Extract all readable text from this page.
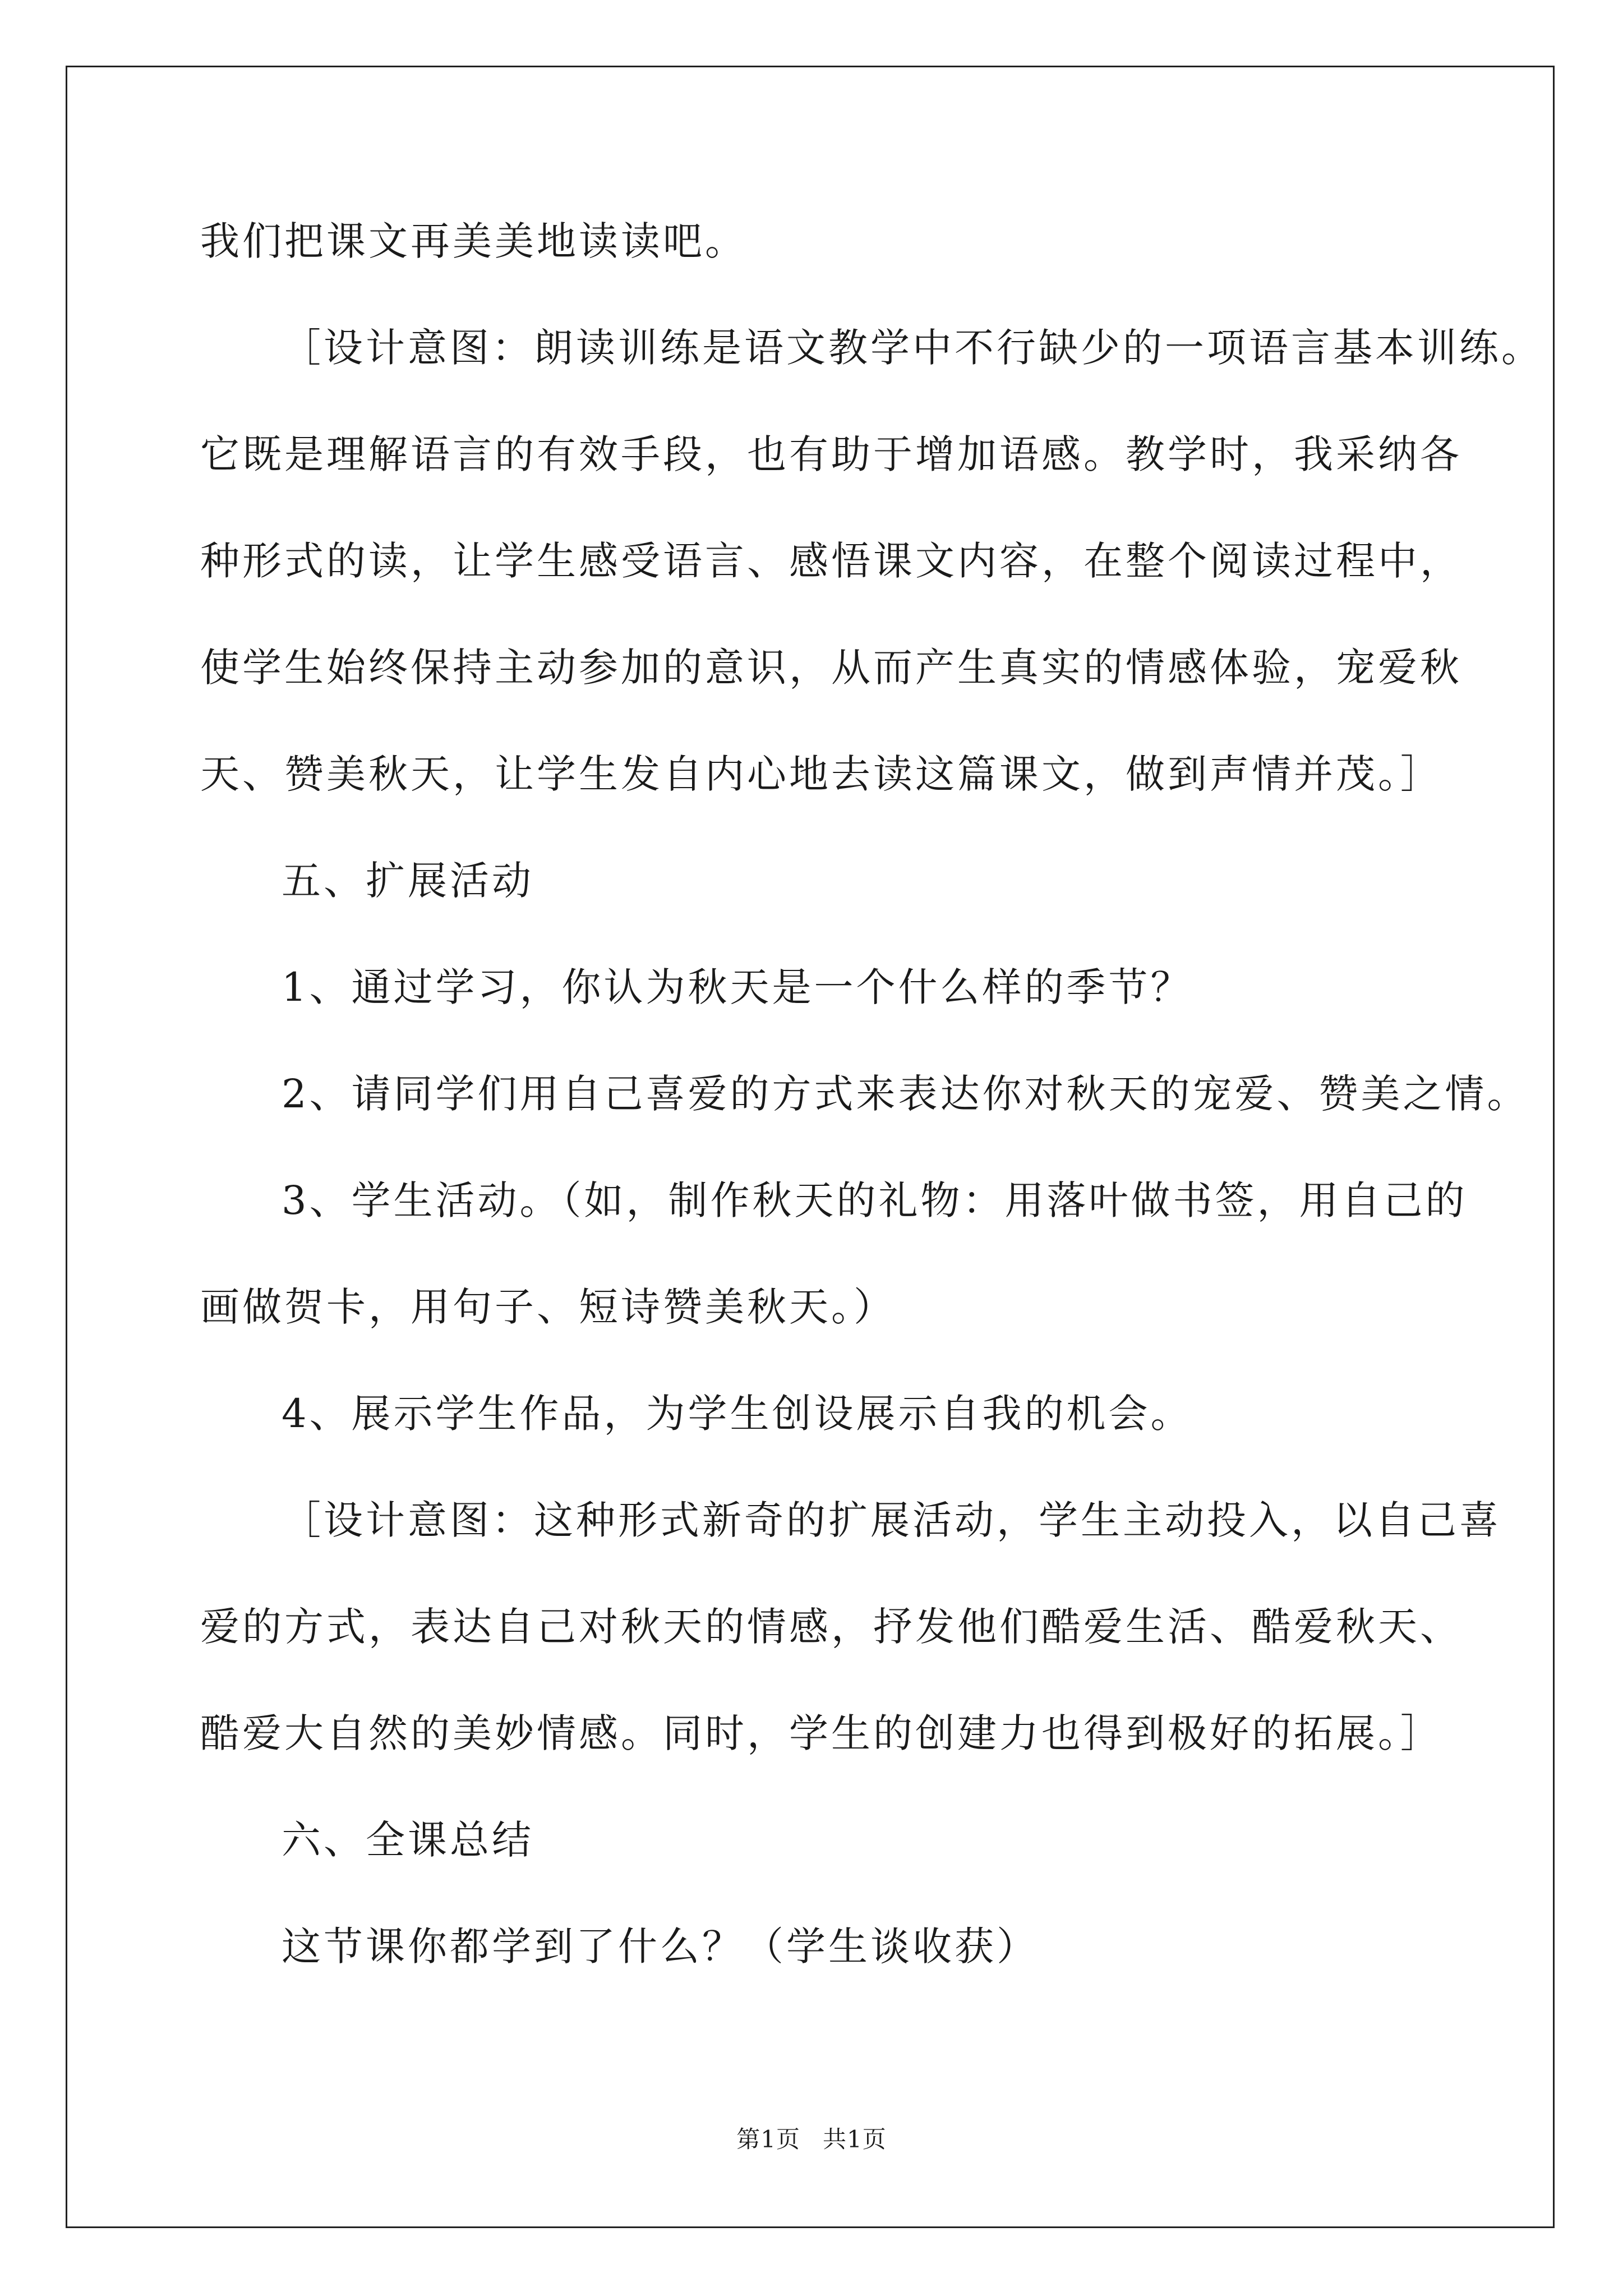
我们把课文再美美地读读吧。
［设计意图：朗读训练是语文教学中不行缺少的一项语言基本训练。
它既是理解语言的有效手段，也有助于增加语感。教学时，我采纳各
种形式的读，让学生感受语言、感悟课文内容，在整个阅读过程中，
使学生始终保持主动参加的意识，从而产生真实的情感体验，宠爱秋
天、赞美秋天，让学生发自内心地去读这篇课文，做到声情并茂。］
五、扩展活动
1、通过学习，你认为秋天是一个什么样的季节？
2、请同学们用自己喜爱的方式来表达你对秋天的宠爱、赞美之情。
3、学生活动。（如，制作秋天的礼物：用落叶做书签，用自己的
画做贺卡，用句子、短诗赞美秋天。）
4、展示学生作品，为学生创设展示自我的机会。
［设计意图：这种形式新奇的扩展活动，学生主动投入，以自己喜
爱的方式，表达自己对秋天的情感，抒发他们酷爱生活、酷爱秋天、
酷爱大自然的美妙情感。同时，学生的创建力也得到极好的拓展。］
六、全课总结
这节课你都学到了什么？（学生谈收获）
第1页 共1页
